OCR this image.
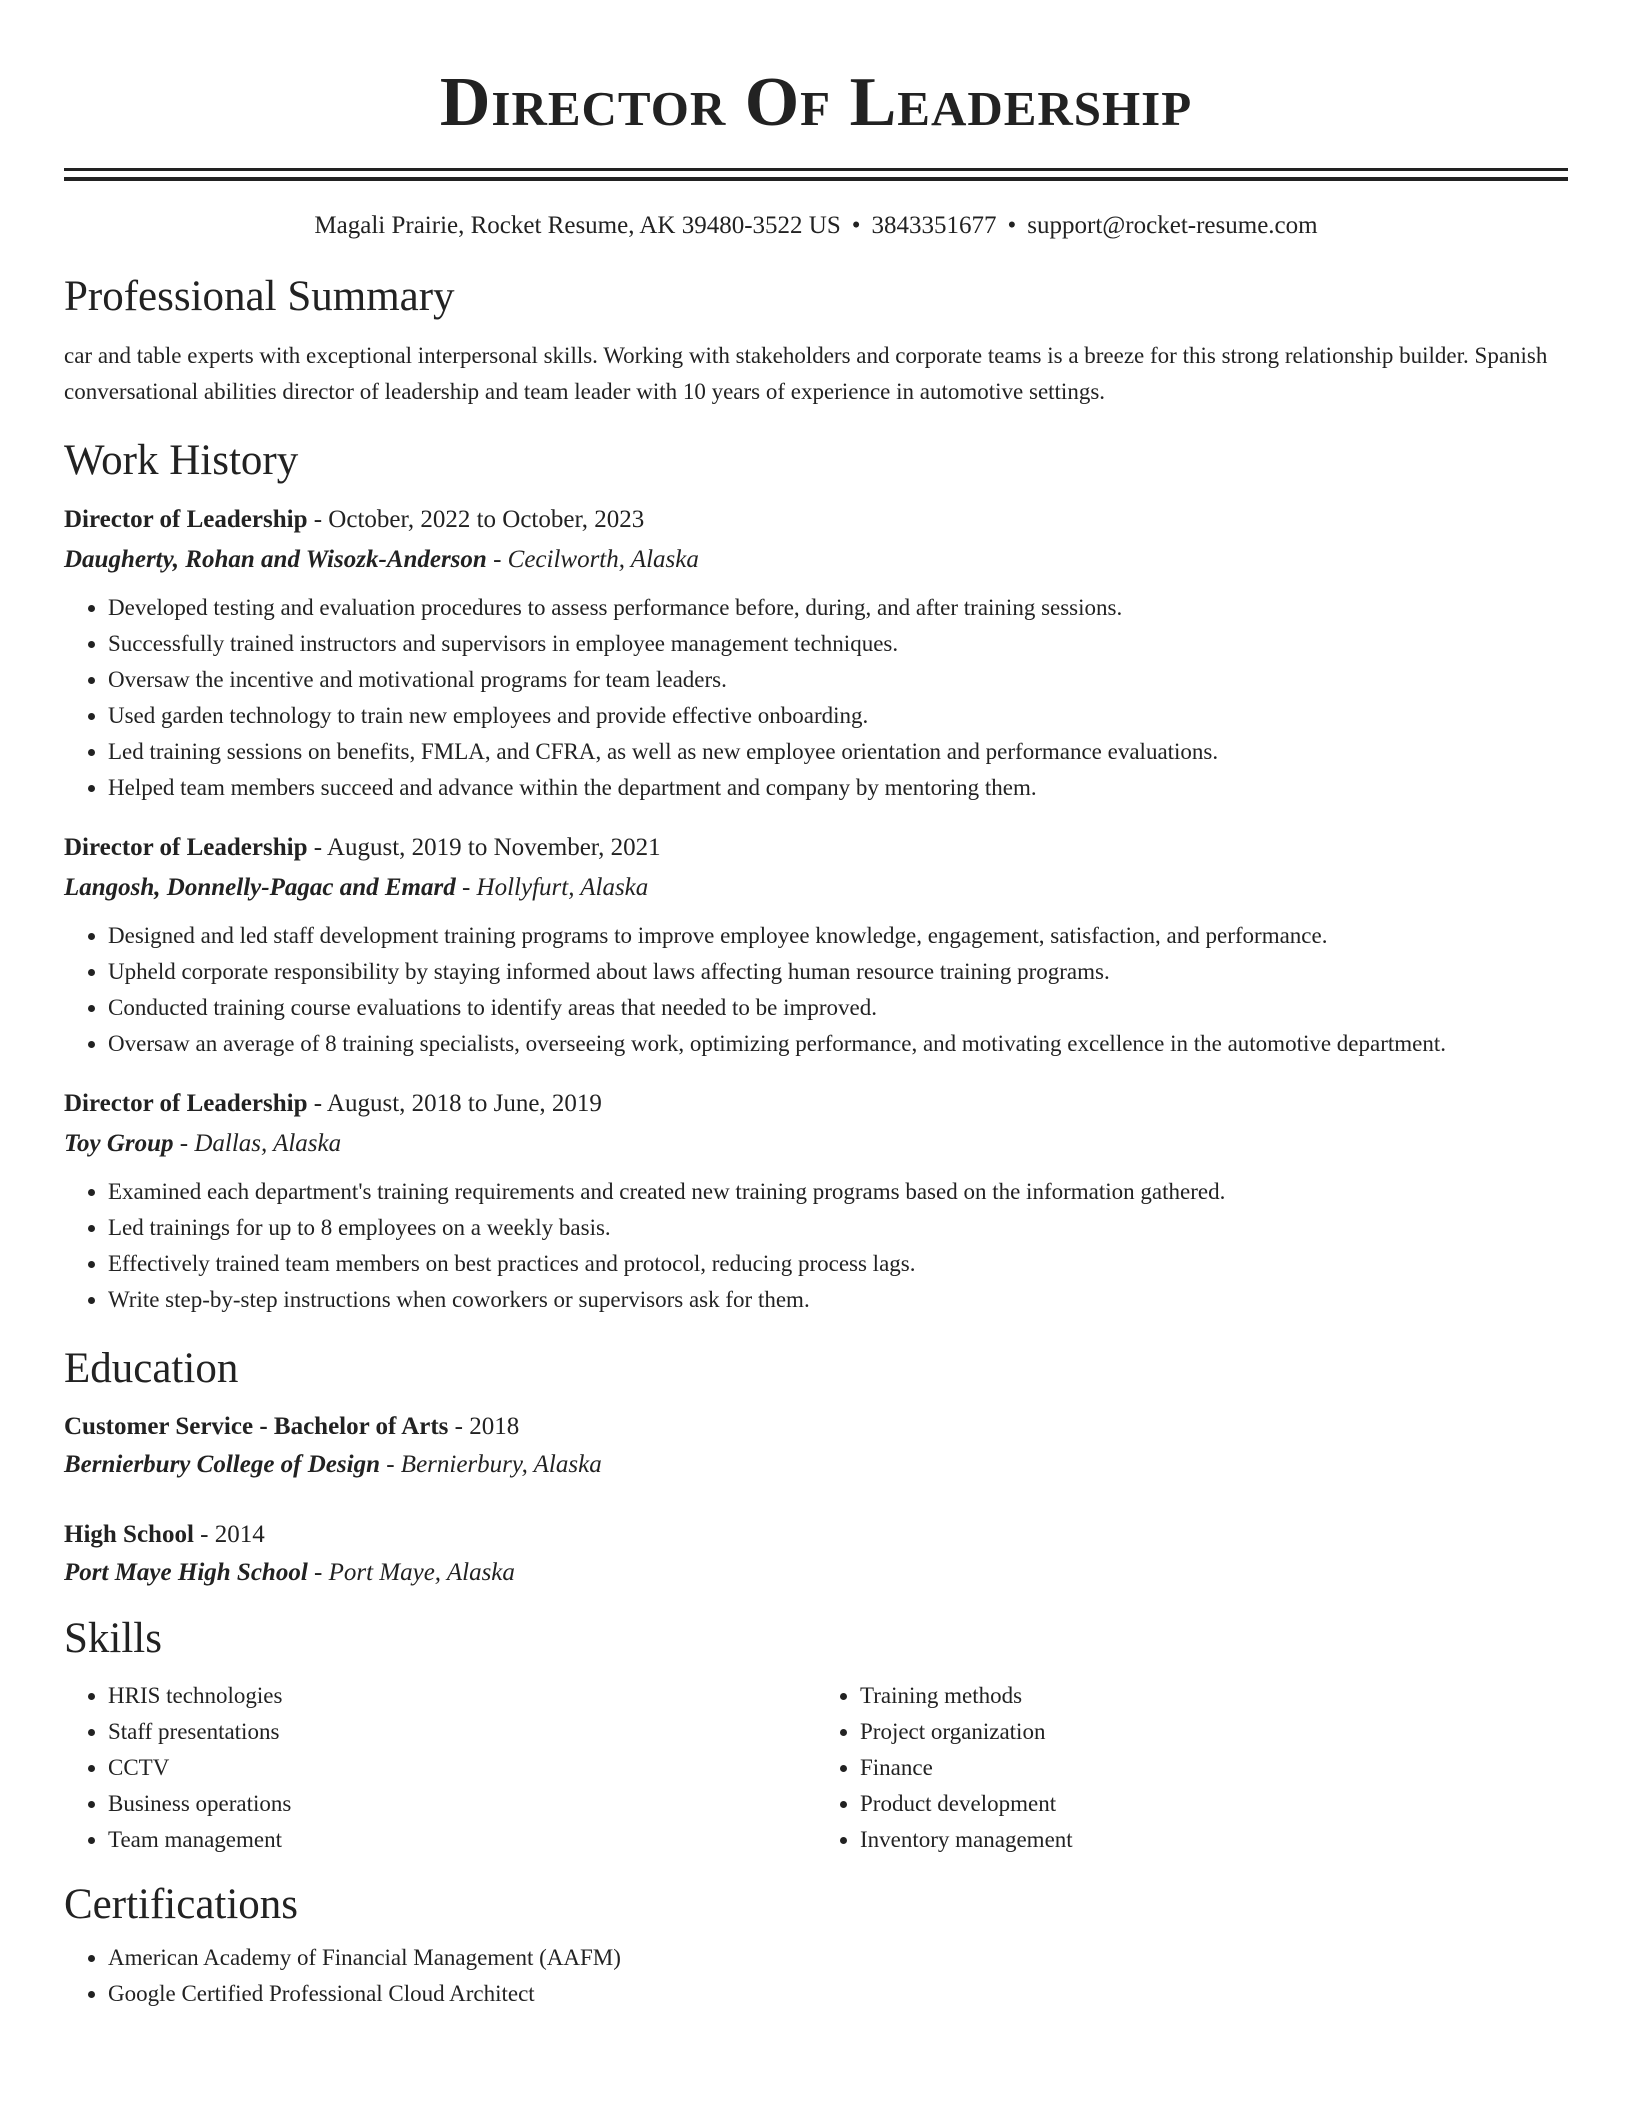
Director Of Leadership
Magali Prairie, Rocket Resume, AK 39480-3522 US • 3843351677 • support@rocket-resume.com
Professional Summary
car and table experts with exceptional interpersonal skills. Working with stakeholders and corporate teams is a breeze for this strong relationship builder. Spanish conversational abilities director of leadership and team leader with 10 years of experience in automotive settings.
Work History
Director of Leadership - October, 2022 to October, 2023
Daugherty, Rohan and Wisozk-Anderson - Cecilworth, Alaska
• Developed testing and evaluation procedures to assess performance before, during, and after training sessions.
• Successfully trained instructors and supervisors in employee management techniques.
• Oversaw the incentive and motivational programs for team leaders.
• Used garden technology to train new employees and provide effective onboarding.
• Led training sessions on benefits, FMLA, and CFRA, as well as new employee orientation and performance evaluations.
• Helped team members succeed and advance within the department and company by mentoring them.
Director of Leadership - August, 2019 to November, 2021
Langosh, Donnelly-Pagac and Emard - Hollyfurt, Alaska
• Designed and led staff development training programs to improve employee knowledge, engagement, satisfaction, and performance.
• Upheld corporate responsibility by staying informed about laws affecting human resource training programs.
• Conducted training course evaluations to identify areas that needed to be improved.
• Oversaw an average of 8 training specialists, overseeing work, optimizing performance, and motivating excellence in the automotive department.
Director of Leadership - August, 2018 to June, 2019
Toy Group - Dallas, Alaska
• Examined each department's training requirements and created new training programs based on the information gathered.
• Led trainings for up to 8 employees on a weekly basis.
• Effectively trained team members on best practices and protocol, reducing process lags.
• Write step-by-step instructions when coworkers or supervisors ask for them.
Education
Customer Service - Bachelor of Arts - 2018
Bernierbury College of Design - Bernierbury, Alaska
High School - 2014
Port Maye High School - Port Maye, Alaska
Skills
• HRIS technologies
• Staff presentations
• CCTV
• Business operations
• Team management
• Training methods
• Project organization
• Finance
• Product development
• Inventory management
Certifications
• American Academy of Financial Management (AAFM)
• Google Certified Professional Cloud Architect
